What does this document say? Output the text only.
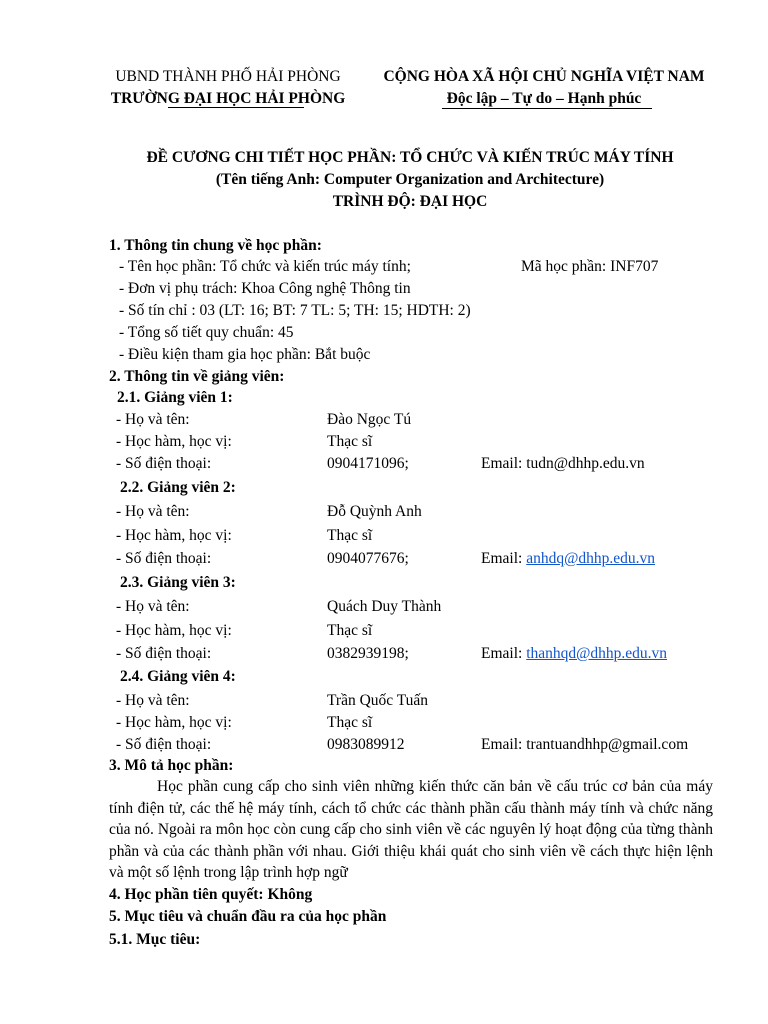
UBND THÀNH PHỐ HẢI PHÒNG
TRƯỜNG ĐẠI HỌC HẢI PHÒNG
CỘNG HÒA XÃ HỘI CHỦ NGHĨA VIỆT NAM
Độc lập – Tự do – Hạnh phúc
ĐỀ CƯƠNG CHI TIẾT HỌC PHẦN: TỔ CHỨC VÀ KIẾN TRÚC MÁY TÍNH
(Tên tiếng Anh: Computer Organization and Architecture)
TRÌNH ĐỘ: ĐẠI HỌC
1. Thông tin chung về học phần:
- Tên học phần: Tổ chức và kiến trúc máy tính;	Mã học phần: INF707
- Đơn vị phụ trách: Khoa Công nghệ Thông tin
- Số tín chỉ : 03 (LT: 16; BT: 7 TL: 5; TH: 15; HDTH: 2)
- Tổng số tiết quy chuẩn: 45
- Điều kiện tham gia học phần: Bắt buộc
2. Thông tin về giảng viên:
2.1. Giảng viên 1:
- Họ và tên:	Đào Ngọc Tú
- Học hàm, học vị:	Thạc sĩ
- Số điện thoại:	0904171096;	Email: tudn@dhhp.edu.vn
2.2. Giảng viên 2:
- Họ và tên:	Đỗ Quỳnh Anh
- Học hàm, học vị:	Thạc sĩ
- Số điện thoại:	0904077676;	Email: anhdq@dhhp.edu.vn
2.3. Giảng viên 3:
- Họ và tên:	Quách Duy Thành
- Học hàm, học vị:	Thạc sĩ
- Số điện thoại:	0382939198;	Email: thanhqd@dhhp.edu.vn
2.4. Giảng viên 4:
- Họ và tên:	Trần Quốc Tuấn
- Học hàm, học vị:	Thạc sĩ
- Số điện thoại:	0983089912	Email: trantuandhhp@gmail.com
3. Mô tả học phần:
Học phần cung cấp cho sinh viên những kiến thức căn bản về cấu trúc cơ bản của máy tính điện tử, các thế hệ máy tính, cách tổ chức các thành phần cấu thành máy tính và chức năng của nó. Ngoài ra môn học còn cung cấp cho sinh viên về các nguyên lý hoạt động của từng thành phần và của các thành phần với nhau. Giới thiệu khái quát cho sinh viên về cách thực hiện lệnh và một số lệnh trong lập trình hợp ngữ
4. Học phần tiên quyết: Không
5. Mục tiêu và chuẩn đầu ra của học phần
5.1. Mục tiêu:
